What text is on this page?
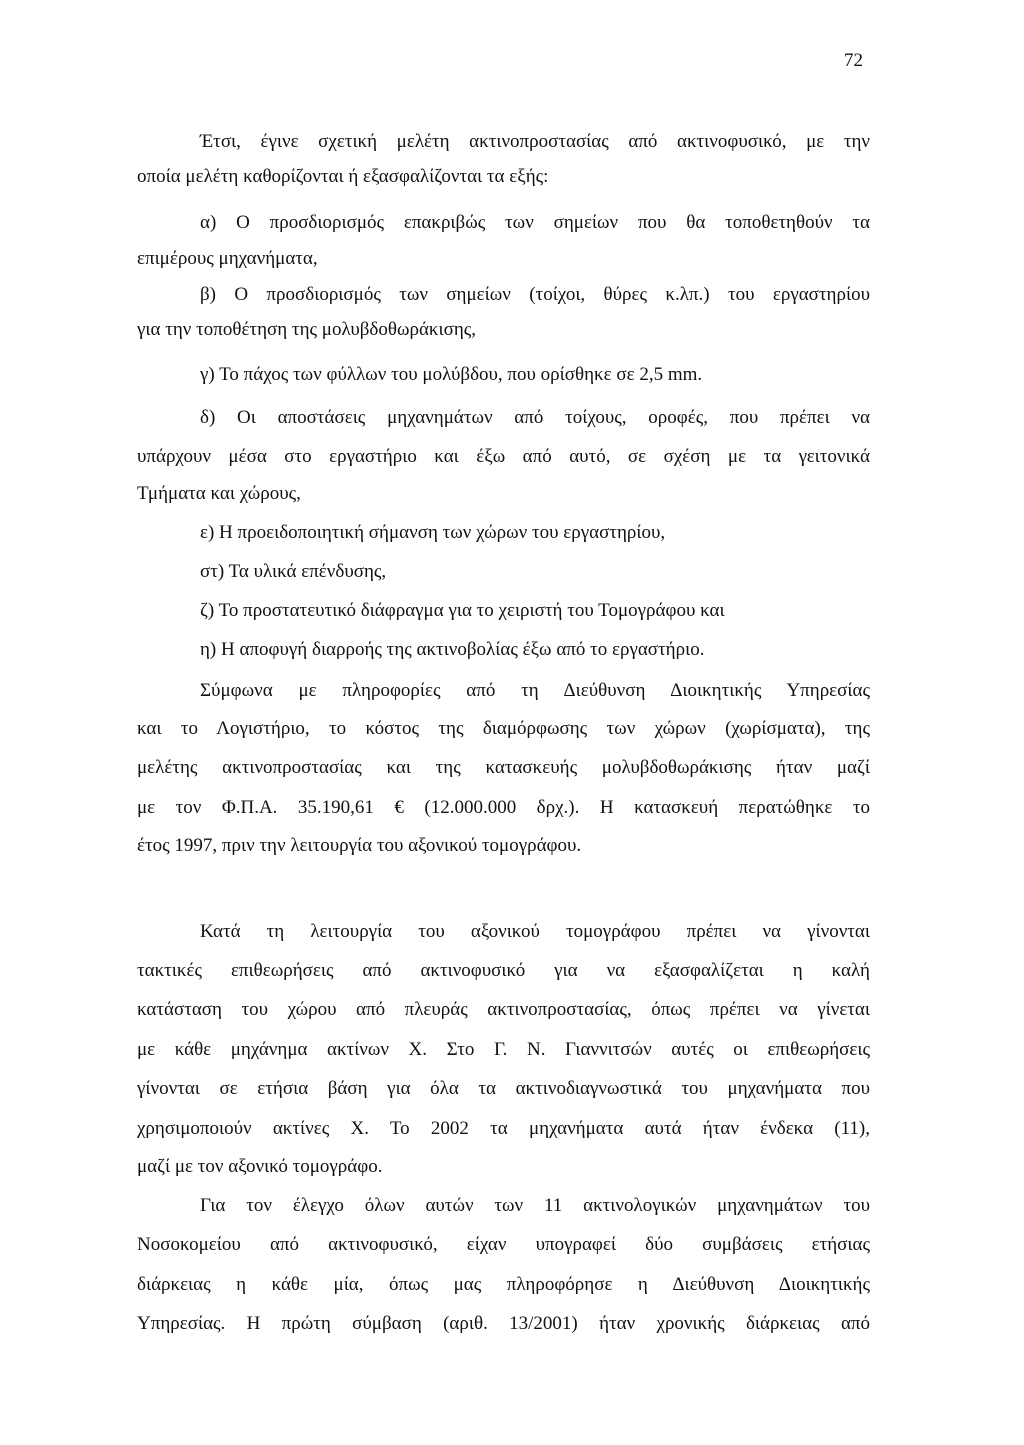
72
Έτσι, έγινε σχετική μελέτη ακτινοπροστασίας από ακτινοφυσικό, με την
οποία μελέτη καθορίζονται ή εξασφαλίζονται τα εξής:
α) Ο προσδιορισμός επακριβώς των σημείων που θα τοποθετηθούν τα
επιμέρους μηχανήματα,
β) Ο προσδιορισμός των σημείων (τοίχοι, θύρες κ.λπ.) του εργαστηρίου
για την τοποθέτηση της μολυβδοθωράκισης,
γ) Το πάχος των φύλλων του μολύβδου, που ορίσθηκε σε 2,5 mm.
δ) Οι αποστάσεις μηχανημάτων από τοίχους, οροφές, που πρέπει να
υπάρχουν μέσα στο εργαστήριο και έξω από αυτό, σε σχέση με τα γειτονικά
Τμήματα και χώρους,
ε) Η προειδοποιητική σήμανση των χώρων του εργαστηρίου,
στ) Τα υλικά επένδυσης,
ζ) Το προστατευτικό διάφραγμα για το χειριστή του Τομογράφου και
η) Η αποφυγή διαρροής της ακτινοβολίας έξω από το εργαστήριο.
Σύμφωνα με πληροφορίες από τη Διεύθυνση Διοικητικής Υπηρεσίας
και το Λογιστήριο, το κόστος της διαμόρφωσης των χώρων (χωρίσματα), της
μελέτης ακτινοπροστασίας και της κατασκευής μολυβδοθωράκισης ήταν μαζί
με τον Φ.Π.Α. 35.190,61 € (12.000.000 δρχ.). Η κατασκευή περατώθηκε το
έτος 1997, πριν την λειτουργία του αξονικού τομογράφου.
Κατά τη λειτουργία του αξονικού τομογράφου πρέπει να γίνονται
τακτικές επιθεωρήσεις από ακτινοφυσικό για να εξασφαλίζεται η καλή
κατάσταση του χώρου από πλευράς ακτινοπροστασίας, όπως πρέπει να γίνεται
με κάθε μηχάνημα ακτίνων Χ. Στο Γ. Ν. Γιαννιτσών αυτές οι επιθεωρήσεις
γίνονται σε ετήσια βάση για όλα τα ακτινοδιαγνωστικά του μηχανήματα που
χρησιμοποιούν ακτίνες Χ. Το 2002 τα μηχανήματα αυτά ήταν ένδεκα (11),
μαζί με τον αξονικό τομογράφο.
Για τον έλεγχο όλων αυτών των 11 ακτινολογικών μηχανημάτων του
Νοσοκομείου από ακτινοφυσικό, είχαν υπογραφεί δύο συμβάσεις ετήσιας
διάρκειας η κάθε μία, όπως μας πληροφόρησε η Διεύθυνση Διοικητικής
Υπηρεσίας. Η πρώτη σύμβαση (αριθ. 13/2001) ήταν χρονικής διάρκειας από
